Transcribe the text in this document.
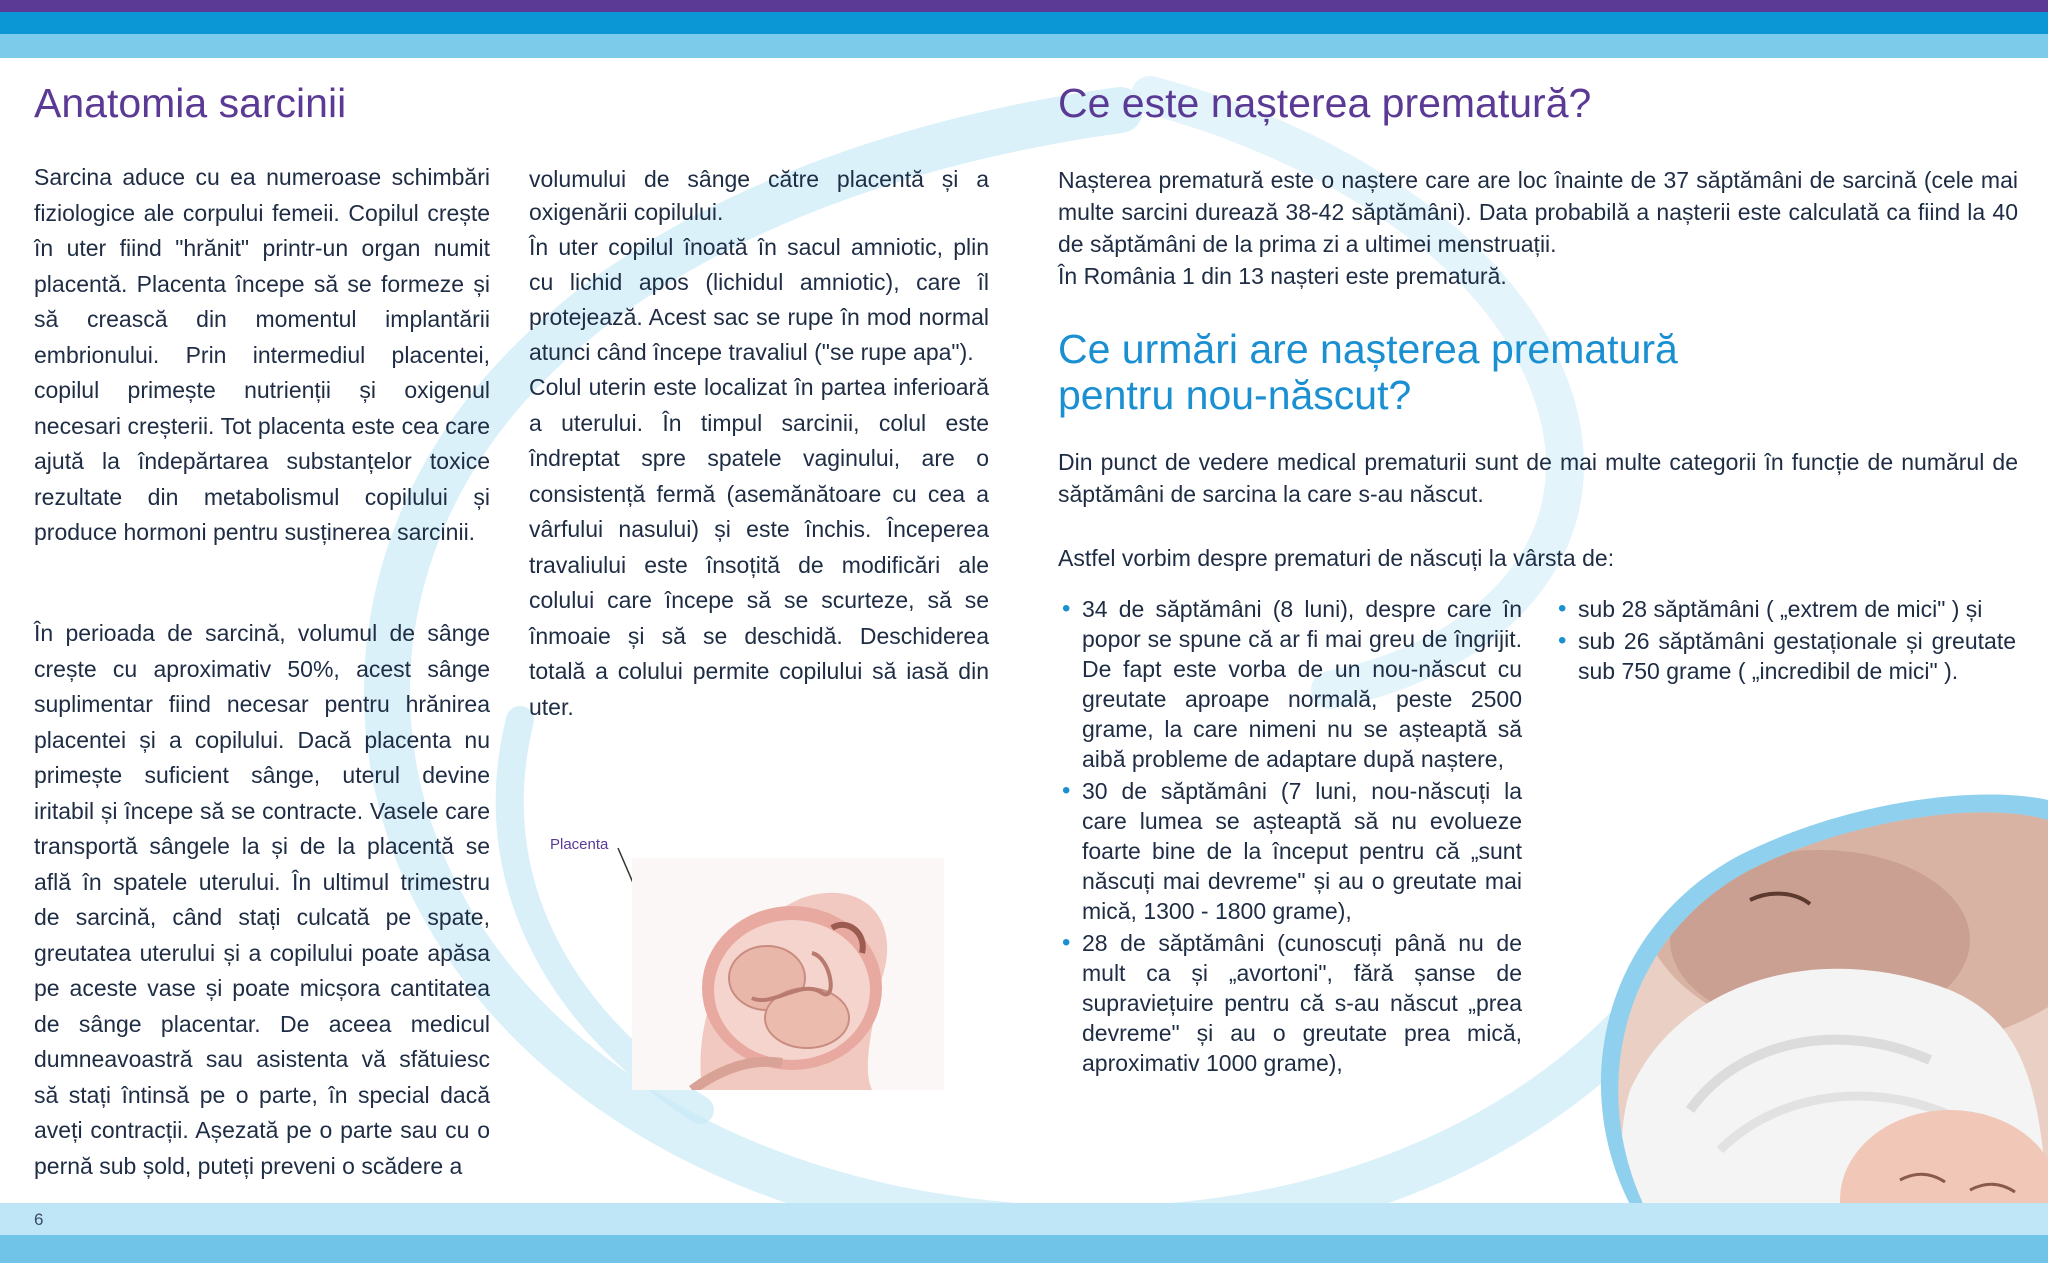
Anatomia sarcinii

Sarcina aduce cu ea numeroase schimbări fiziologice ale corpului femeii. Copilul crește în uter fiind "hrănit" printr-un organ numit placentă. Placenta începe să se formeze și să crească din momentul implantării embrionului. Prin intermediul placentei, copilul primește nutrienții și oxigenul necesari creșterii. Tot placenta este cea care ajută la îndepărtarea substanțelor toxice rezultate din metabolismul copilului și produce hormoni pentru susținerea sarcinii.

În perioada de sarcină, volumul de sânge crește cu aproximativ 50%, acest sânge suplimentar fiind necesar pentru hrănirea placentei și a copilului. Dacă placenta nu primește suficient sânge, uterul devine iritabil și începe să se contracte. Vasele care transportă sângele la și de la placentă se află în spatele uterului. În ultimul trimestru de sarcină, când stați culcată pe spate, greutatea uterului și a copilului poate apăsa pe aceste vase și poate micșora cantitatea de sânge placentar. De aceea medicul dumneavoastră sau asistenta vă sfătuiesc să stați întinsă pe o parte, în special dacă aveți contracții. Așezată pe o parte sau cu o pernă sub șold, puteți preveni o scădere a

volumului de sânge către placentă și a oxigenării copilului.

În uter copilul înoată în sacul amniotic, plin cu lichid apos (lichidul amniotic), care îl protejează. Acest sac se rupe în mod normal atunci când începe travaliul ("se rupe apa").

Colul uterin este localizat în partea inferioară a uterului. În timpul sarcinii, colul este îndreptat spre spatele vaginului, are o consistență fermă (asemănătoare cu cea a vârfului nasului) și este închis. Începerea travaliului este însoțită de modificări ale colului care începe să se scurteze, să se înmoaie și să se deschidă. Deschiderea totală a colului permite copilului să iasă din uter.

Placenta
Ce este nașterea prematură?

Nașterea prematură este o naștere care are loc înainte de 37 săptămâni de sarcină (cele mai multe sarcini durează 38-42 săptămâni). Data probabilă a nașterii este calculată ca fiind la 40 de săptămâni de la prima zi a ultimei menstruații.

În România 1 din 13 nașteri este prematură.

Ce urmări are nașterea prematură pentru nou-născut?

Din punct de vedere medical prematurii sunt de mai multe categorii în funcție de numărul de săptămâni de sarcina la care s-au născut.

Astfel vorbim despre prematuri de născuți la vârsta de:

• 34 de săptămâni (8 luni), despre care în popor se spune că ar fi mai greu de îngrijit. De fapt este vorba de un nou-născut cu greutate aproape normală, peste 2500 grame, la care nimeni nu se așteaptă să aibă probleme de adaptare după naștere,
• 30 de săptămâni (7 luni, nou-născuți la care lumea se așteaptă să nu evolueze foarte bine de la început pentru că „sunt născuți mai devreme" și au o greutate mai mică, 1300 - 1800 grame),
• 28 de săptămâni (cunoscuți până nu de mult ca și „avortoni", fără șanse de supraviețuire pentru că s-au născut „prea devreme" și au o greutate prea mică, aproximativ 1000 grame),
• sub 28 săptămâni ( „extrem de mici" ) și
• sub 26 săptămâni gestaționale și greutate sub 750 grame ( „incredibil de mici" ).
6
